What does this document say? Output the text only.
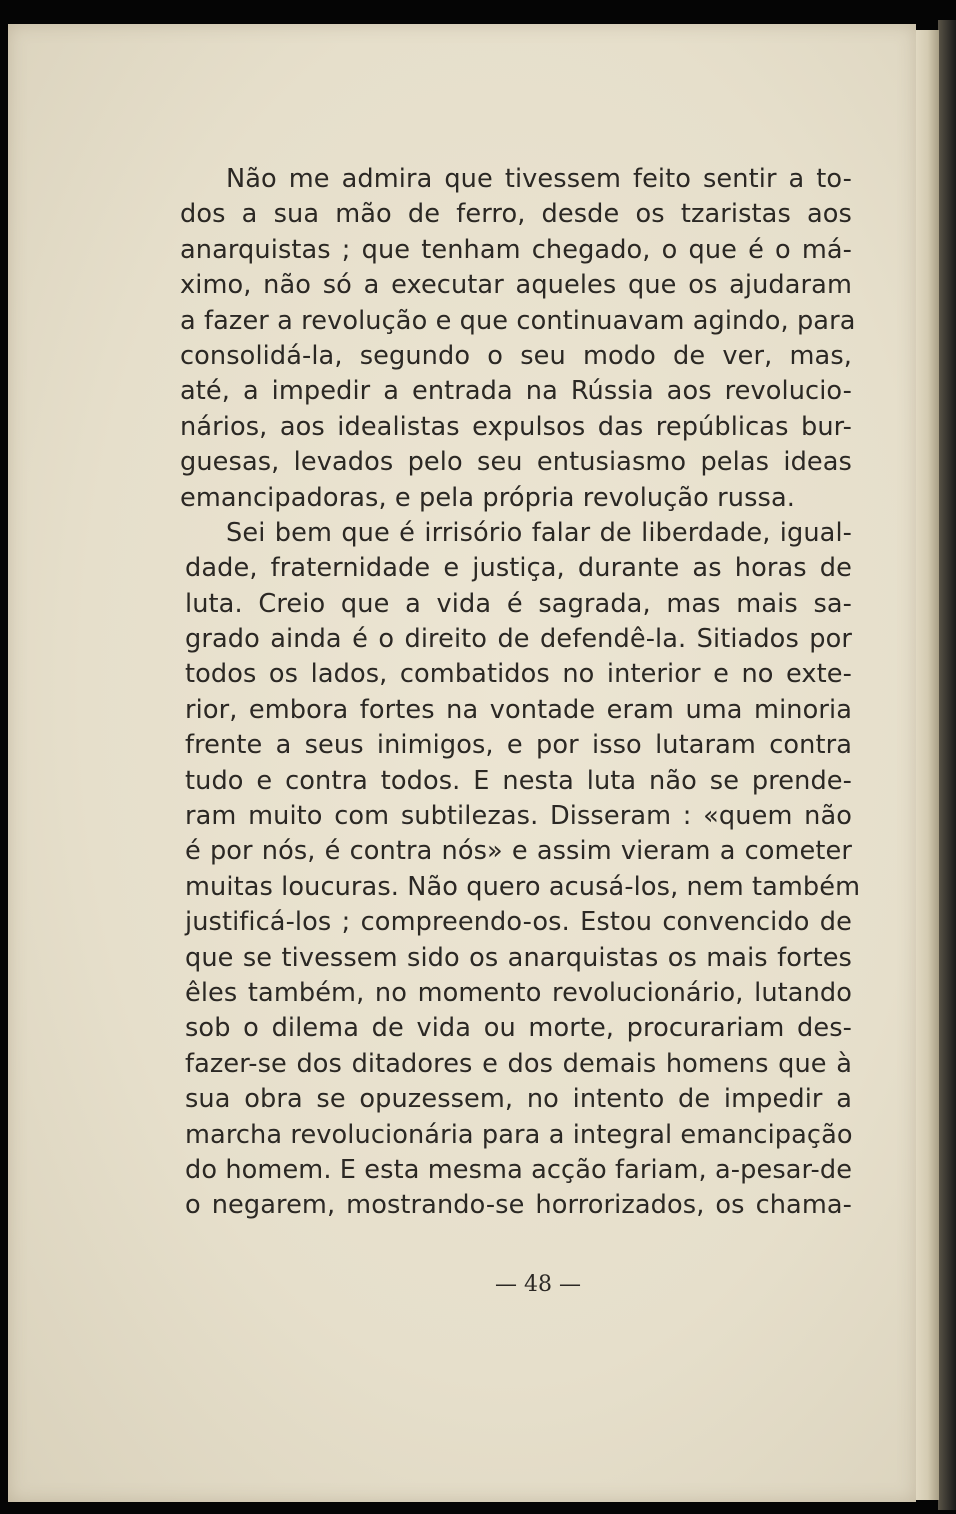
Não me admira que tivessem feito sentir a to-
dos a sua mão de ferro, desde os tzaristas aos
anarquistas ; que tenham chegado, o que é o má-
ximo, não só a executar aqueles que os ajudaram
a fazer a revolução e que continuavam agindo, para
consolidá-la, segundo o seu modo de ver, mas,
até, a impedir a entrada na Rússia aos revolucio-
nários, aos idealistas expulsos das repúblicas bur-
guesas, levados pelo seu entusiasmo pelas ideas
emancipadoras, e pela própria revolução russa.
Sei bem que é irrisório falar de liberdade, igual-
dade, fraternidade e justiça, durante as horas de
luta. Creio que a vida é sagrada, mas mais sa-
grado ainda é o direito de defendê-la. Sitiados por
todos os lados, combatidos no interior e no exte-
rior, embora fortes na vontade eram uma minoria
frente a seus inimigos, e por isso lutaram contra
tudo e contra todos. E nesta luta não se prende-
ram muito com subtilezas. Disseram : «quem não
é por nós, é contra nós» e assim vieram a cometer
muitas loucuras. Não quero acusá-los, nem também
justificá-los ; compreendo-os. Estou convencido de
que se tivessem sido os anarquistas os mais fortes
êles também, no momento revolucionário, lutando
sob o dilema de vida ou morte, procurariam des-
fazer-se dos ditadores e dos demais homens que à
sua obra se opuzessem, no intento de impedir a
marcha revolucionária para a integral emancipação
do homem. E esta mesma acção fariam, a-pesar-de
o negarem, mostrando-se horrorizados, os chama-
— 48 —
